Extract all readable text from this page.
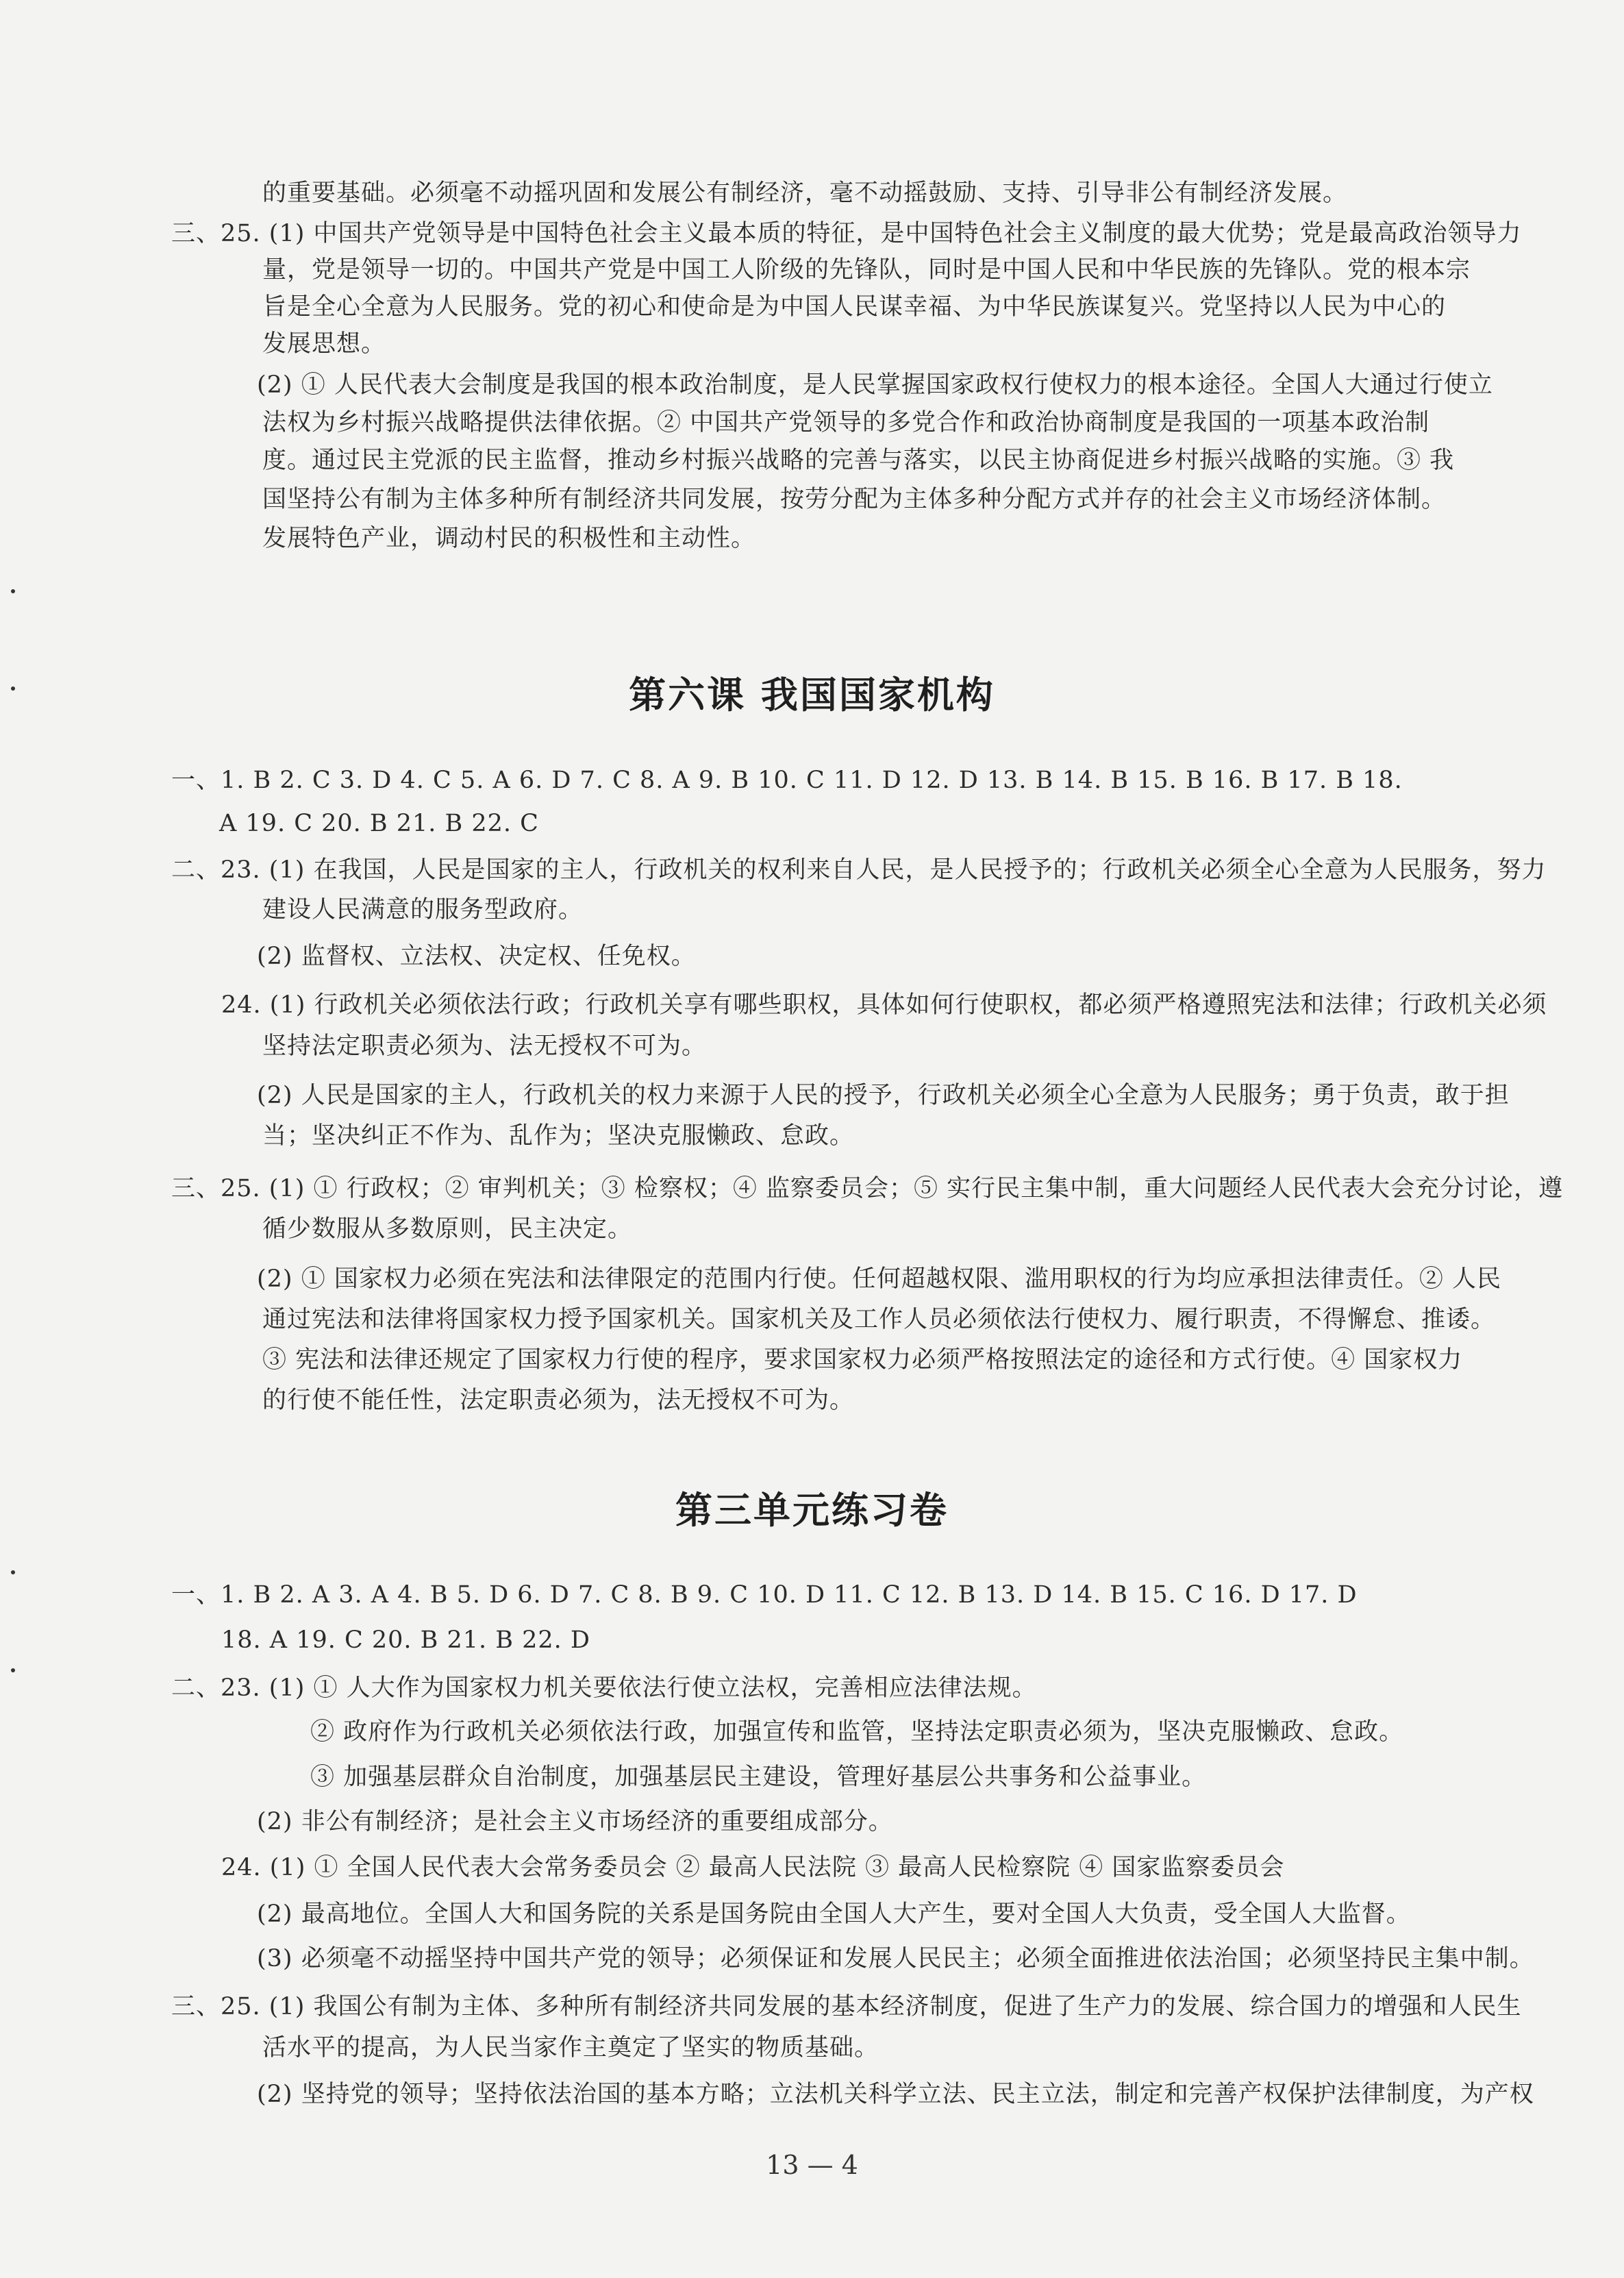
的重要基础。必须毫不动摇巩固和发展公有制经济，毫不动摇鼓励、支持、引导非公有制经济发展。
三、25. (1) 中国共产党领导是中国特色社会主义最本质的特征，是中国特色社会主义制度的最大优势；党是最高政治领导力
量，党是领导一切的。中国共产党是中国工人阶级的先锋队，同时是中国人民和中华民族的先锋队。党的根本宗
旨是全心全意为人民服务。党的初心和使命是为中国人民谋幸福、为中华民族谋复兴。党坚持以人民为中心的
发展思想。
(2) ① 人民代表大会制度是我国的根本政治制度，是人民掌握国家政权行使权力的根本途径。全国人大通过行使立
法权为乡村振兴战略提供法律依据。② 中国共产党领导的多党合作和政治协商制度是我国的一项基本政治制
度。通过民主党派的民主监督，推动乡村振兴战略的完善与落实，以民主协商促进乡村振兴战略的实施。③ 我
国坚持公有制为主体多种所有制经济共同发展，按劳分配为主体多种分配方式并存的社会主义市场经济体制。
发展特色产业，调动村民的积极性和主动性。
第六课 我国国家机构
一、1. B 2. C 3. D 4. C 5. A 6. D 7. C 8. A 9. B 10. C 11. D 12. D 13. B 14. B 15. B 16. B 17. B 18.
A 19. C 20. B 21. B 22. C
二、23. (1) 在我国，人民是国家的主人，行政机关的权利来自人民，是人民授予的；行政机关必须全心全意为人民服务，努力
建设人民满意的服务型政府。
(2) 监督权、立法权、决定权、任免权。
24. (1) 行政机关必须依法行政；行政机关享有哪些职权，具体如何行使职权，都必须严格遵照宪法和法律；行政机关必须
坚持法定职责必须为、法无授权不可为。
(2) 人民是国家的主人，行政机关的权力来源于人民的授予，行政机关必须全心全意为人民服务；勇于负责，敢于担
当；坚决纠正不作为、乱作为；坚决克服懒政、怠政。
三、25. (1) ① 行政权；② 审判机关；③ 检察权；④ 监察委员会；⑤ 实行民主集中制，重大问题经人民代表大会充分讨论，遵
循少数服从多数原则，民主决定。
(2) ① 国家权力必须在宪法和法律限定的范围内行使。任何超越权限、滥用职权的行为均应承担法律责任。② 人民
通过宪法和法律将国家权力授予国家机关。国家机关及工作人员必须依法行使权力、履行职责，不得懈怠、推诿。
③ 宪法和法律还规定了国家权力行使的程序，要求国家权力必须严格按照法定的途径和方式行使。④ 国家权力
的行使不能任性，法定职责必须为，法无授权不可为。
第三单元练习卷
一、1. B 2. A 3. A 4. B 5. D 6. D 7. C 8. B 9. C 10. D 11. C 12. B 13. D 14. B 15. C 16. D 17. D
18. A 19. C 20. B 21. B 22. D
二、23. (1) ① 人大作为国家权力机关要依法行使立法权，完善相应法律法规。
② 政府作为行政机关必须依法行政，加强宣传和监管，坚持法定职责必须为，坚决克服懒政、怠政。
③ 加强基层群众自治制度，加强基层民主建设，管理好基层公共事务和公益事业。
(2) 非公有制经济；是社会主义市场经济的重要组成部分。
24. (1) ① 全国人民代表大会常务委员会 ② 最高人民法院 ③ 最高人民检察院 ④ 国家监察委员会
(2) 最高地位。全国人大和国务院的关系是国务院由全国人大产生，要对全国人大负责，受全国人大监督。
(3) 必须毫不动摇坚持中国共产党的领导；必须保证和发展人民民主；必须全面推进依法治国；必须坚持民主集中制。
三、25. (1) 我国公有制为主体、多种所有制经济共同发展的基本经济制度，促进了生产力的发展、综合国力的增强和人民生
活水平的提高，为人民当家作主奠定了坚实的物质基础。
(2) 坚持党的领导；坚持依法治国的基本方略；立法机关科学立法、民主立法，制定和完善产权保护法律制度，为产权
13 — 4
